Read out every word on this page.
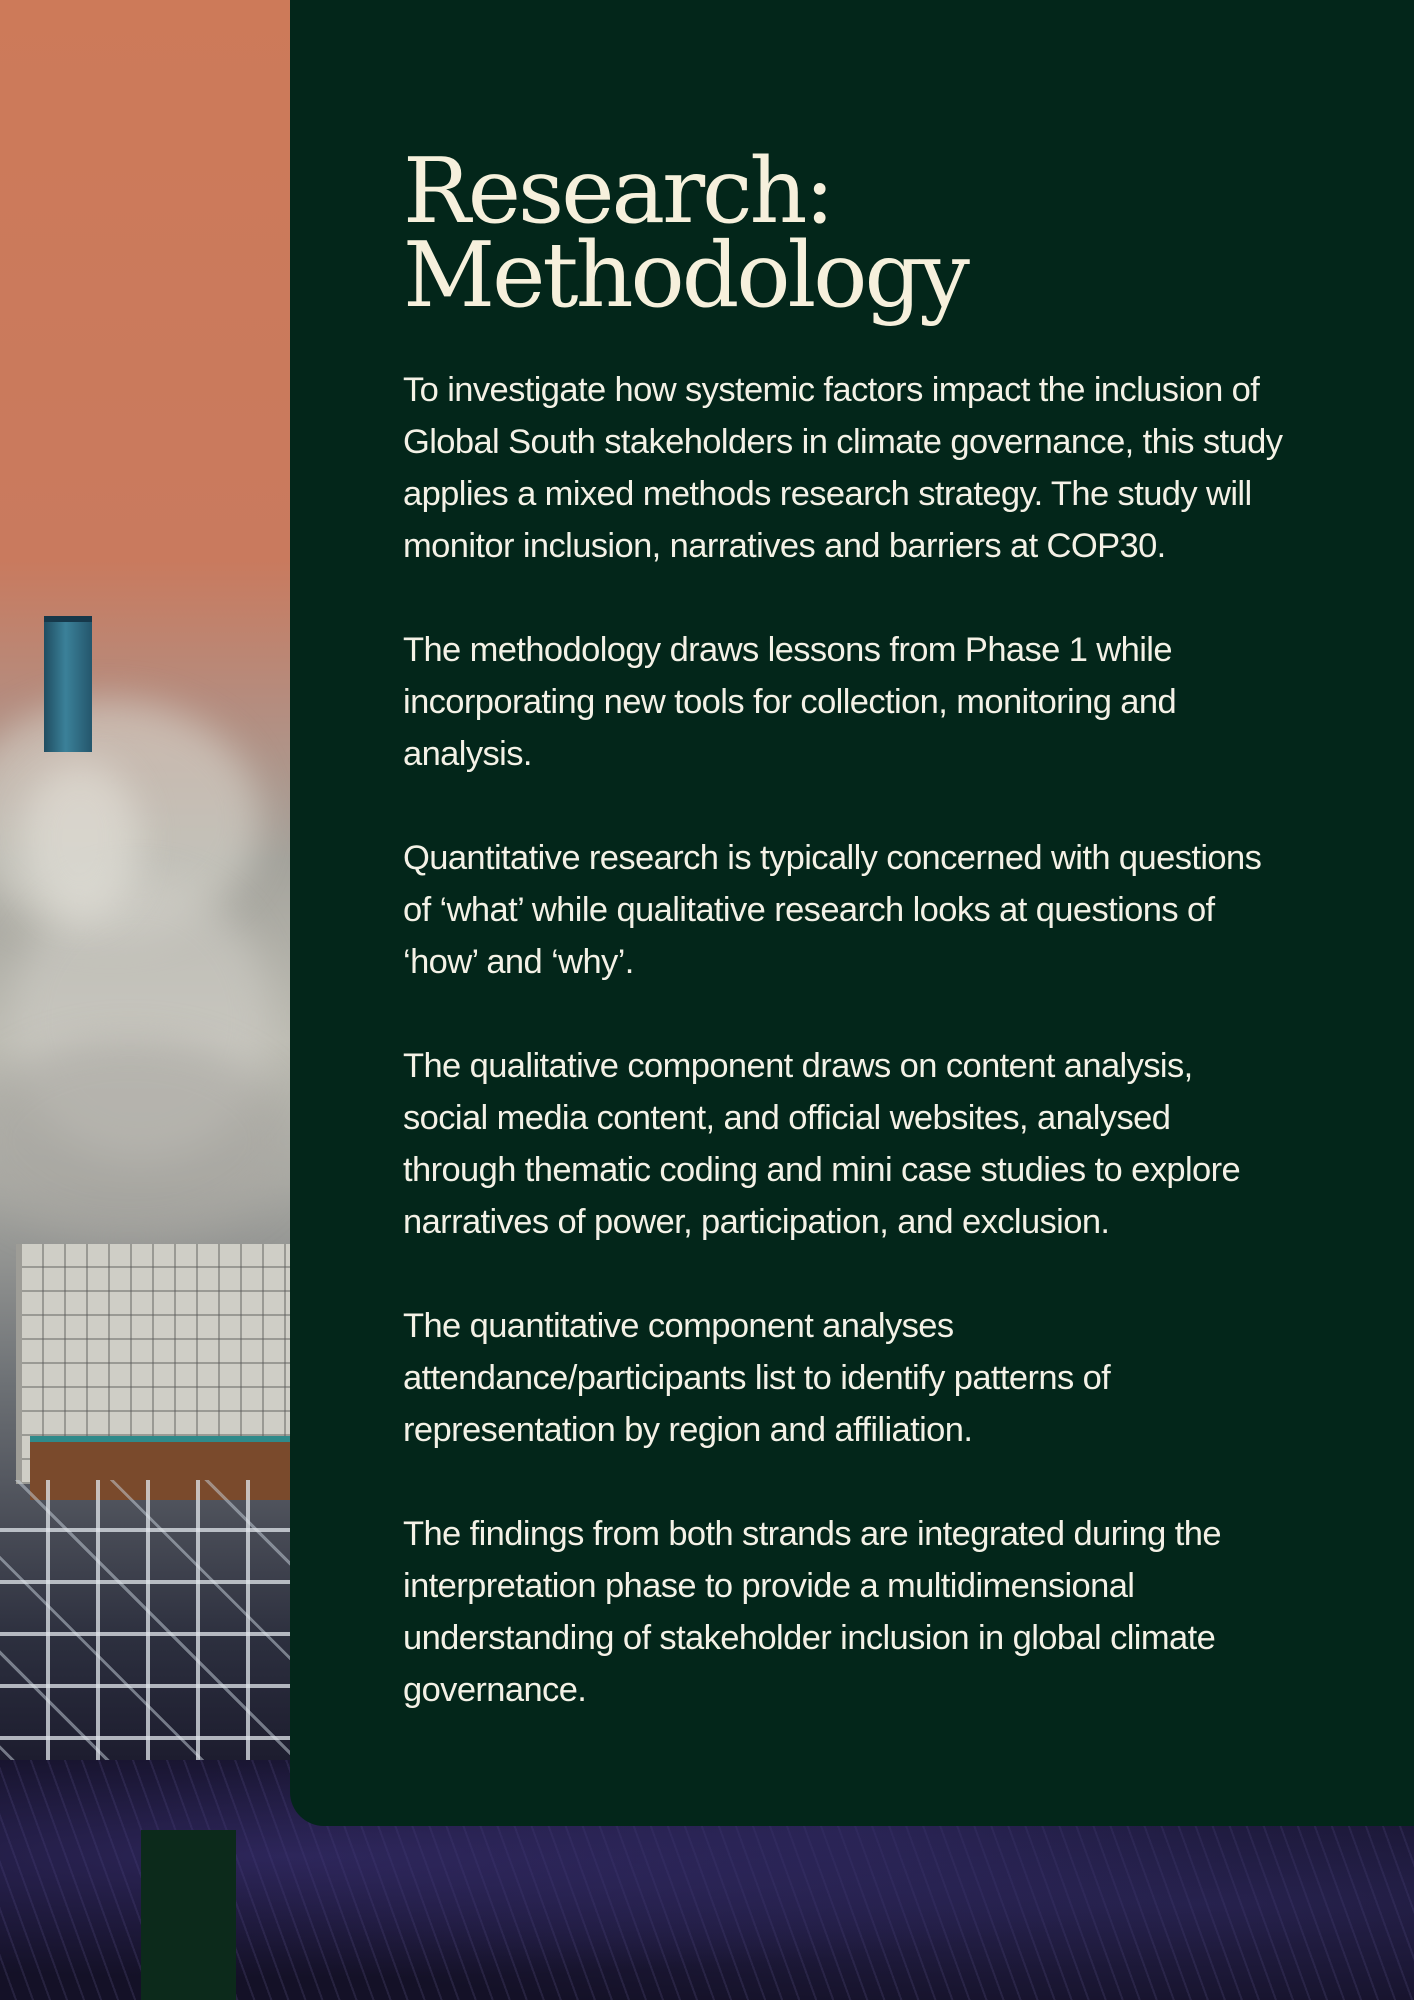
Research:
Methodology

To investigate how systemic factors impact the inclusion of Global South stakeholders in climate governance, this study applies a mixed methods research strategy. The study will monitor inclusion, narratives and barriers at COP30.

The methodology draws lessons from Phase 1 while incorporating new tools for collection, monitoring and analysis.

Quantitative research is typically concerned with questions of ‘what’ while qualitative research looks at questions of ‘how’ and ‘why’.

The qualitative component draws on content analysis, social media content, and official websites, analysed through thematic coding and mini case studies to explore narratives of power, participation, and exclusion.

The quantitative component analyses attendance/participants list to identify patterns of representation by region and affiliation.

The findings from both strands are integrated during the interpretation phase to provide a multidimensional understanding of stakeholder inclusion in global climate governance.
